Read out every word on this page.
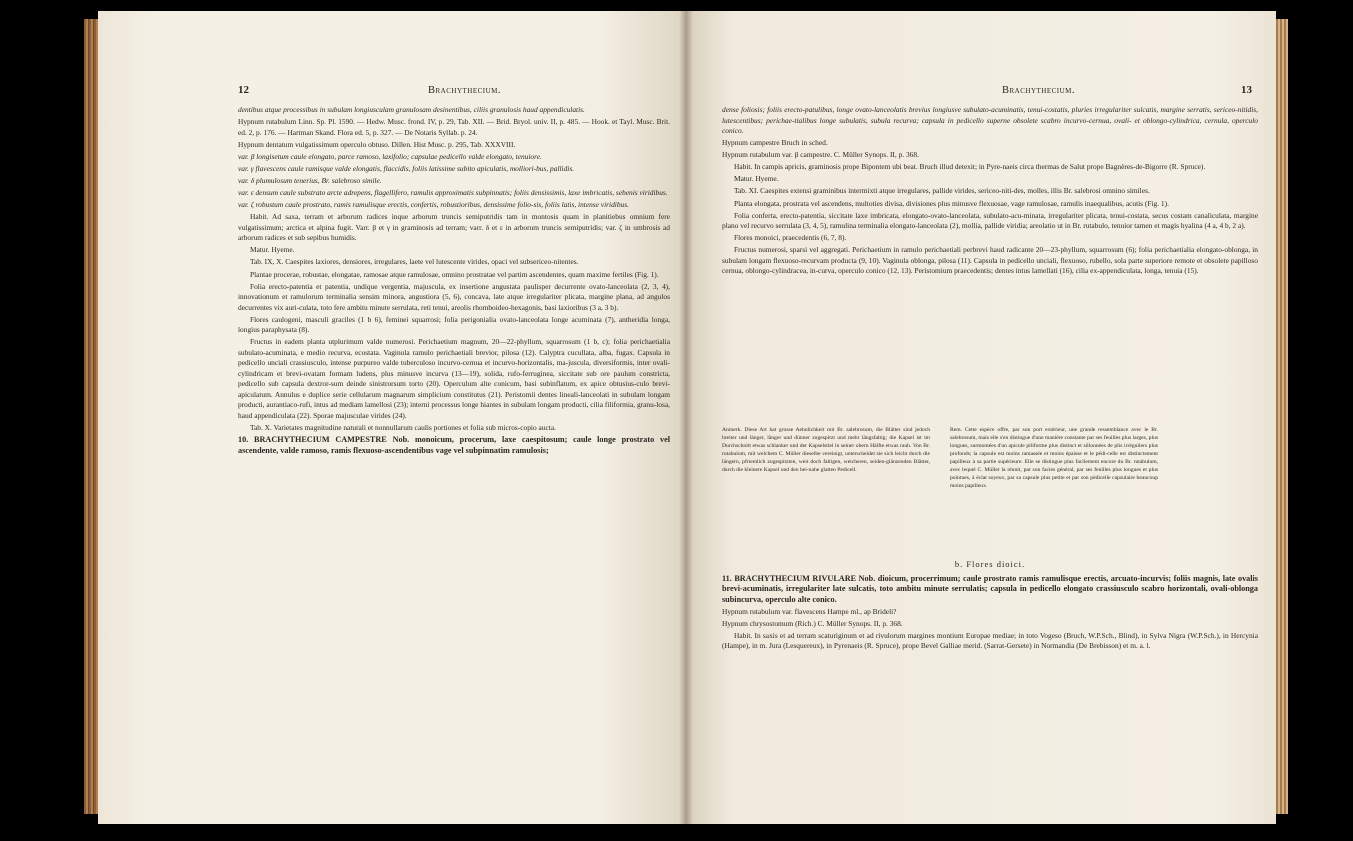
12	Brachythecium.

dentibus atque processibus in subulam longiusculam granulosam desinentibus, ciliis granulosis haud appendiculatis.

Hypnum rutabulum Linn. Sp. Pl. 1590. — Hedw. Musc. frond. IV, p. 29, Tab. XII. — Brid. Bryol. univ. II, p. 485. — Hook. et Tayl. Musc. Brit. ed. 2, p. 176. — Hartman Skand. Flora ed. 5, p. 327. — De Notaris Syllab. p. 24.

Hypnum dentatum vulgatissimum operculo obtuso. Dillen. Hist Musc. p. 295, Tab. XXXVIII.

var. β longisetum caule elongato, parce ramoso, laxifolio; capsulae pedicello valde elongato, tenuiore.

var. γ flavescens caule ramisque valde elongatis, flaccidis, foliis latissime subito apiculatis, molliori-bus, pallidis.

var. δ plumulosum tenerius, Br. salebroso simile.

var. ε densum caule substrato arcte adrepens, flagellifero, ramulis approximatis subpinnatis; foliis densissimis, laxe imbricatis, sebenis viridibus.

var. ζ robustum caule prostrato, ramis ramulisque erectis, confertis, robustioribus, densissime folio-sis, foliis latis, intense viridibus.

Habit. Ad saxa, terram et arborum radices inque arborum truncis semiputridis tam in montosis quam in planitiebus omnium fere vulgatissimum; arctica et alpina fugit. Varr. β et γ in graminosis ad terram; varr. δ et ε in arborum truncis semiputridis; var. ζ in umbrosis ad arborum radices et sub sepibus humidis.

Matur. Hyeme.

Tab. IX, X. Caespites laxiores, densiores, irregulares, laete vel lutescente virides, opaci vel subsericeo-nitentes.

Plantae procerae, robustae, elongatae, ramosae atque ramulosae, omnino prostratae vel partim ascendentes, quam maxime fertiles (Fig. 1).

Folia erecto-patentia et patentia, undique vergentia, majuscula, ex insertione angustata paulisper decurrente ovato-lanceolata (2, 3, 4), innovationum et ramulorum terminalia sensim minora, angustiora (5, 6), concava, late atque irregulariter plicata, margine plana, ad angulos decurrentes vix auri-culata, toto fere ambitu minute serrulata, reti tenui, areolis rhomboideo-hexagonis, basi laxioribus (3 a, 3 b).

Flores caulogeni, masculi graciles (1 b 6), feminei squarrosi; folia perigonialia ovato-lanceolata longe acuminata (7), antheridia longa, longius paraphysata (8).

Fructus in eadem planta utplurimum valde numerosi. Perichaetium magnum, 20—22-phyllum, squarrosum (1 b, c); folia perichaetialia subulato-acuminata, e medio recurva, ecostata. Vaginula ramulo perichaetiali brevior, pilosa (12). Calyptra cucullata, alba, fugax. Capsula in pedicello unciali crassiusculo, intense purpureo valde tuberculoso incurvo-cernua et incurvo-horizontalis, ma-juscula, diversiformis, inter ovali-cylindricam et brevi-ovatam formam ludens, plus minusve incurva (13—19), solida, rufo-ferruginea, siccitate sub ore paulum constricta, pedicello sub capsula dextror-sum deinde sinistrorsum torto (20). Operculum alte conicum, basi subinflatum, ex apice obtusius-culo brevi-apiculatum. Annulus e duplice serie cellularum magnarum simplicium constitutus (21). Peristomii dentes lineali-lanceolati in subulam longam producti, aurantiaco-rufi, intus ad mediam lamellosi (23); interni processus longe hiantes in subulam longam producti, cilia filiformia, granu-losa, haud appendiculata (22). Sporae majusculae virides (24).

Tab. X. Varietates magnitudine naturali et nonnullarum caulis portiones et folia sub micros-copio aucta.

10. BRACHYTHECIUM CAMPESTRE Nob. monoicum, procerum, laxe caespitosum; caule longe prostrato vel ascendente, valde ramoso, ramis flexuoso-ascendentibus vage vel subpinnatim ramulosis;

Brachythecium.	13

dense foliosis; foliis erecto-patulibus, longe ovato-lanceolatis brevius longiusve subulato-acuminatis, tenui-costatis, pluries irregulariter sulcatis, margine serratis, sericeo-nitidis, lutescentibus; perichae-tialibus longe subulatis, subula recurva; capsula in pedicello superne obsolete scabro incurvo-cernua, ovali- et oblongo-cylindrica, cernula, operculo conico.

Hypnum campestre Bruch in sched.

Hypnum rutabulum var. β campestre. C. Müller Synops. II, p. 368.

Habit. In campis apricis, graminosis prope Bipontem ubi beat. Bruch illud detexit; in Pyre-naeis circa thermas de Salut prope Bagnères-de-Bigorre (R. Spruce).

Matur. Hyeme.

Tab. XI. Caespites extensi graminibus intermixti atque irregulares, pallide virides, sericeo-niti-des, molles, illis Br. salebrosi omnino similes.

Planta elongata, prostrata vel ascendens, multoties divisa, divisiones plus minusve flexuosae, vage ramulosae, ramulis inaequalibus, acutis (Fig. 1).

Folia conferta, erecto-patentia, siccitate laxe imbricata, elongato-ovato-lanceolata, subulato-acu-minata, irregulariter plicata, tenui-costata, secus costam canaliculata, margine plano vel recurvo serrulata (3, 4, 5), ramulina terminalia elongato-lanceolata (2), mollia, pallide viridia; areolatio ut in Br. rutabulo, tenuior tamen et magis hyalina (4 a, 4 b, 2 a).

Flores monoici, praecedentis (6, 7, 8).

Fructus numerosi, sparsi vel aggregati. Perichaetium in ramulo perichaetiali perbrevi haud radicante 20—23-phyllum, squarrosum (6); folia perichaetialia elongato-oblonga, in subulam longam flexuoso-recurvam producta (9, 10). Vaginula oblonga, pilosa (11). Capsula in pedicello unciali, flexuoso, rubello, sola parte superiore remote et obsolete papilloso cernua, oblongo-cylindracea, in-curva, operculo conico (12, 13). Peristomium praecedentis; dentes intus lamellati (16), cilia ex-appendiculata, longa, tenuia (15).

Anmerk. Diese Art hat grosse Aehnlichkeit mit Br. salebrosum, die Blätter sind jedoch breiter und länger, länger und dünner zugespitzt und mehr längsfaltig; die Kapsel ist im Durchschnitt etwas schlanker und der Kapselstiel in seiner obern Hälfte etwas rauh. Von Br. rutabulum, mit welchem C. Müller dieselbe vereinigt, unterscheidet sie sich leicht durch die längern, pfriemlich zugespitzten, weit doch faltigen, weicheren, seiden-glänzenden Blätter, durch die kleinere Kapsel und den bei-nahe glatten Pedicell.

Rem. Cette espèce offre, par son port extérieur, une grande ressemblance avec le Br. salebrosum, mais elle s'en distingue d'une manière constante par ses feuilles plus larges, plus longues, surmontées d'un apicule piliforme plus distinct et sillonnées de plis irréguliers plus profonds; la capsule est moins ramassée et moins épaisse et le pédi-celle est distinctement papilleux à sa partie supérieure. Elle se distingue plus facilement encore du Br. rutabulum, avec lequel C. Müller la réunit, par son facies général, par ses feuilles plus longues et plus pointues, à éclat soyeux, par sa capsule plus petite et par son pédicelle capsulaire beaucoup moins papilleux.

b. Flores dioici.

11. BRACHYTHECIUM RIVULARE Nob. dioicum, procerrimum; caule prostrato ramis ramulisque erectis, arcuato-incurvis; foliis magnis, late ovalis brevi-acuminatis, irregulariter late sulcatis, toto ambitu minute serrulatis; capsula in pedicello elongato crassiusculo scabro horizontali, ovali-oblonga subincurva, operculo alte conico.

Hypnum rutabulum var. flavescens Hampe ml., ap Brideli?

Hypnum chrysostomum (Rich.) C. Müller Synops. II, p. 368.

Habit. In saxis et ad terram scaturiginum et ad rivulorum margines montium Europae mediae; in toto Vogeso (Bruch, W.P.Sch., Blind), in Sylva Nigra (W.P.Sch.), in Hercynia (Hampe), in m. Jura (Lesquereux), in Pyrenaeis (R. Spruce), prope Bevel Galliae merid. (Sarrat-Gersete) in Normandia (De Brebisson) et m. a. l.
